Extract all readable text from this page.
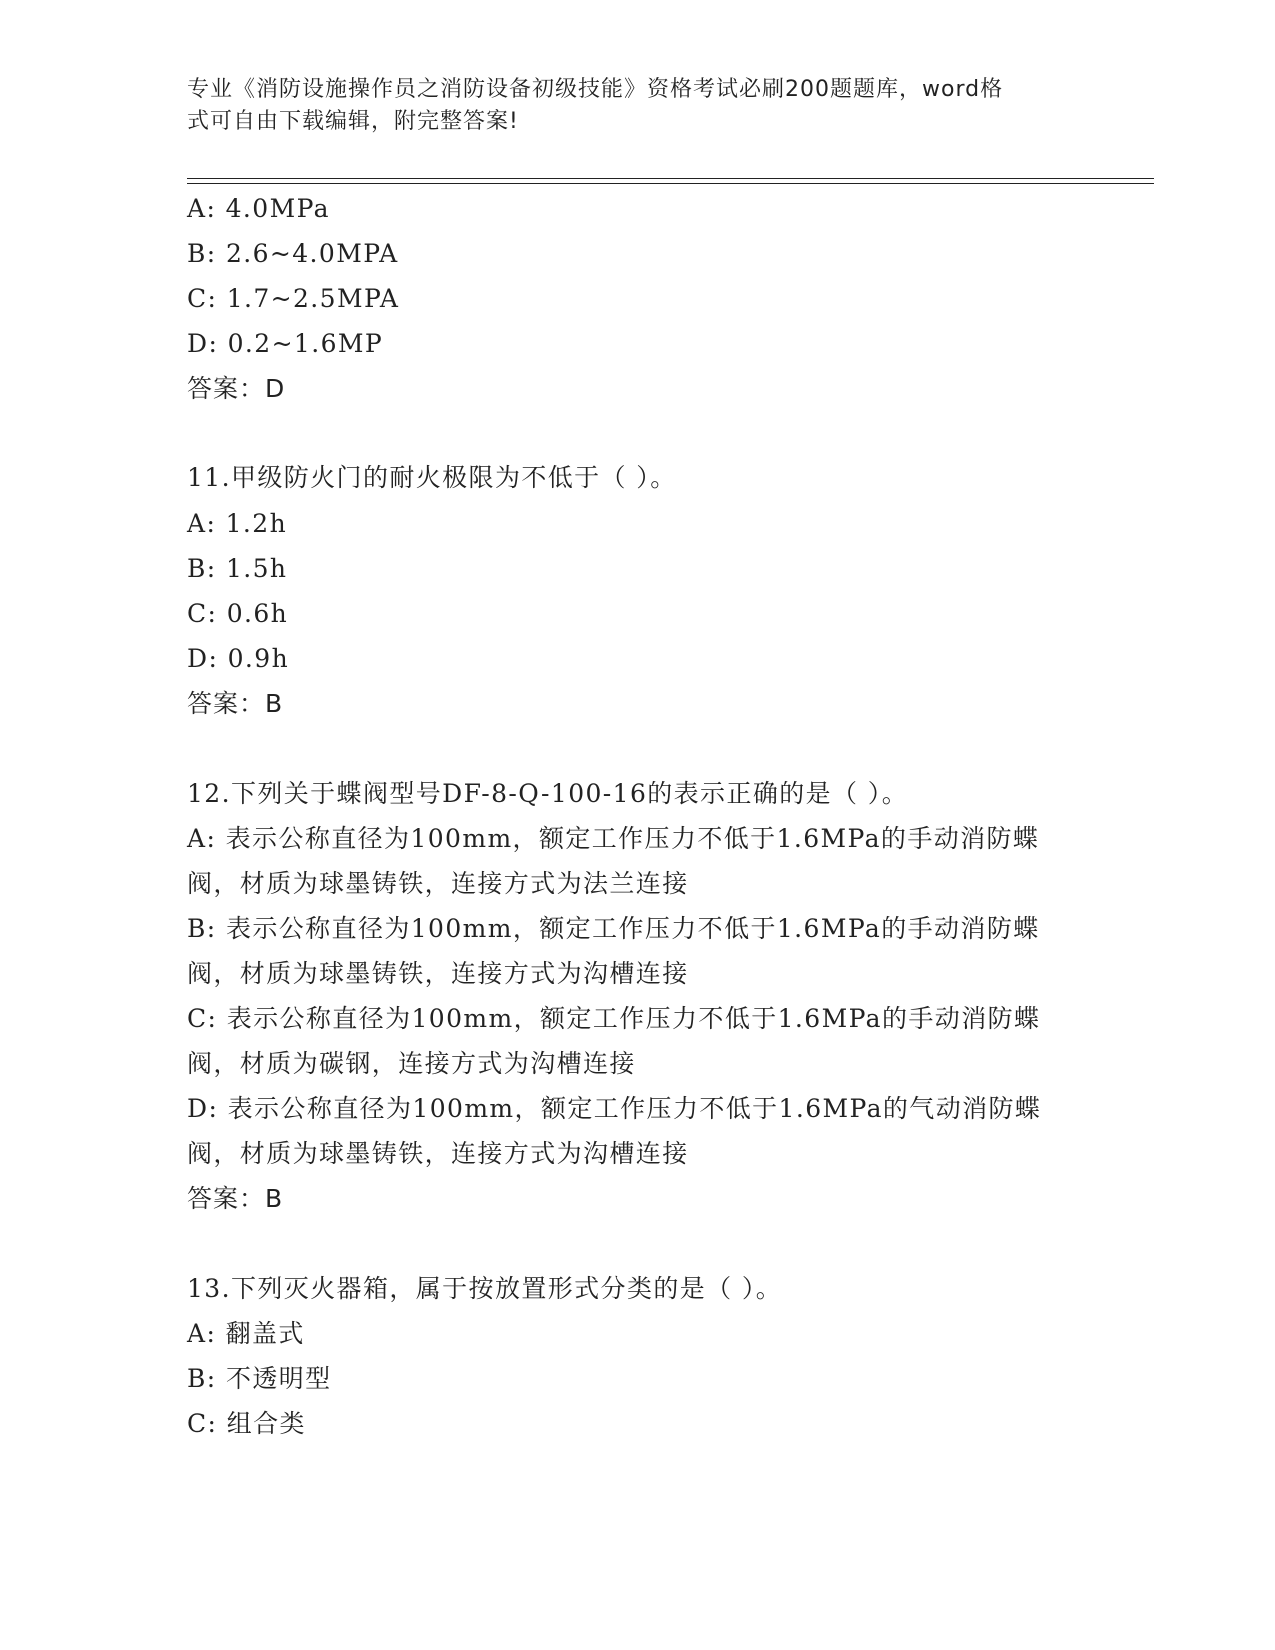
专业《消防设施操作员之消防设备初级技能》资格考试必刷200题题库，word格
式可自由下载编辑，附完整答案!
A: 4.0MPa
B: 2.6~4.0MPA
C: 1.7~2.5MPA
D: 0.2~1.6MP
答案：D
11.甲级防火门的耐火极限为不低于（ ）。
A: 1.2h
B: 1.5h
C: 0.6h
D: 0.9h
答案：B
12.下列关于蝶阀型号DF-8-Q-100-16的表示正确的是（ ）。
A: 表示公称直径为100mm，额定工作压力不低于1.6MPa的手动消防蝶
阀，材质为球墨铸铁，连接方式为法兰连接
B: 表示公称直径为100mm，额定工作压力不低于1.6MPa的手动消防蝶
阀，材质为球墨铸铁，连接方式为沟槽连接
C: 表示公称直径为100mm，额定工作压力不低于1.6MPa的手动消防蝶
阀，材质为碳钢，连接方式为沟槽连接
D: 表示公称直径为100mm，额定工作压力不低于1.6MPa的气动消防蝶
阀，材质为球墨铸铁，连接方式为沟槽连接
答案：B
13.下列灭火器箱，属于按放置形式分类的是（ ）。
A: 翻盖式
B: 不透明型
C: 组合类
